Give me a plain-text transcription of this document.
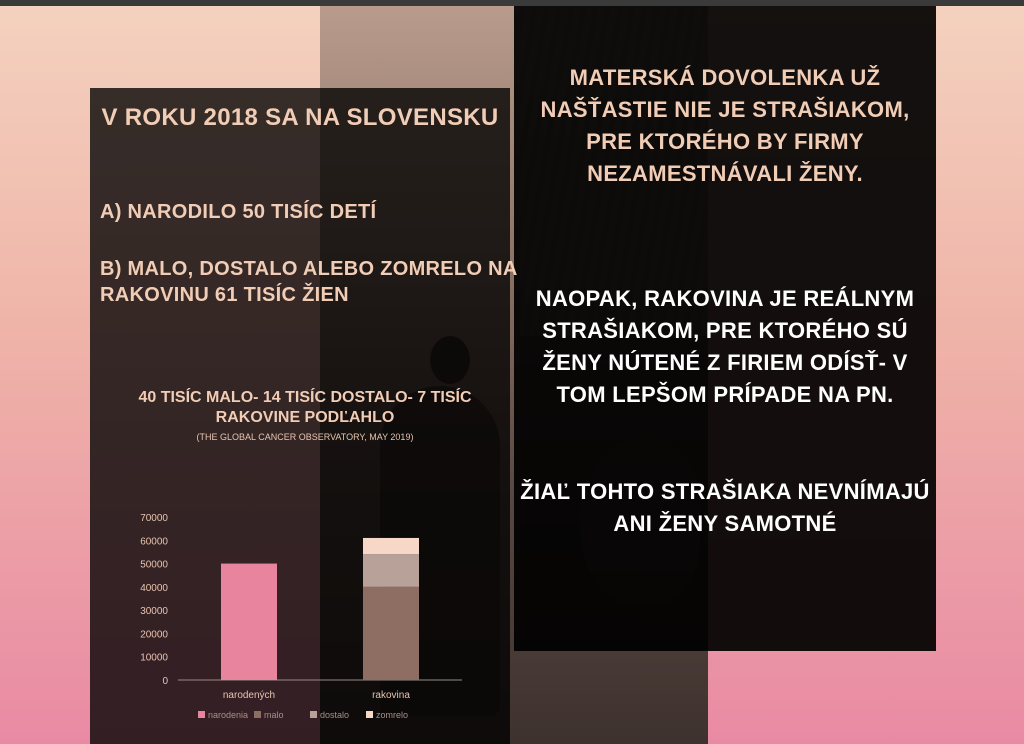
V ROKU 2018 SA NA SLOVENSKU
A) NARODILO 50 TISÍC DETÍ
B) MALO, DOSTALO ALEBO ZOMRELO NA RAKOVINU 61 TISÍC ŽIEN
40 TISÍC MALO- 14 TISÍC DOSTALO- 7 TISÍC RAKOVINE PODĽAHLO
(THE GLOBAL CANCER OBSERVATORY, MAY 2019)
0
10000
20000
30000
40000
50000
60000
70000
narodených	rakovina
narodenia malo	dostalo	zomrelo
MATERSKÁ DOVOLENKA UŽ NAŠŤASTIE NIE JE STRAŠIAKOM, PRE KTORÉHO BY FIRMY NEZAMESTNÁVALI ŽENY.
NAOPAK, RAKOVINA JE REÁLNYM STRAŠIAKOM, PRE KTORÉHO SÚ ŽENY NÚTENÉ Z FIRIEM ODÍSŤ- V TOM LEPŠOM PRÍPADE NA PN.
ŽIAĽ TOHTO STRAŠIAKA NEVNÍMAJÚ ANI ŽENY SAMOTNÉ
